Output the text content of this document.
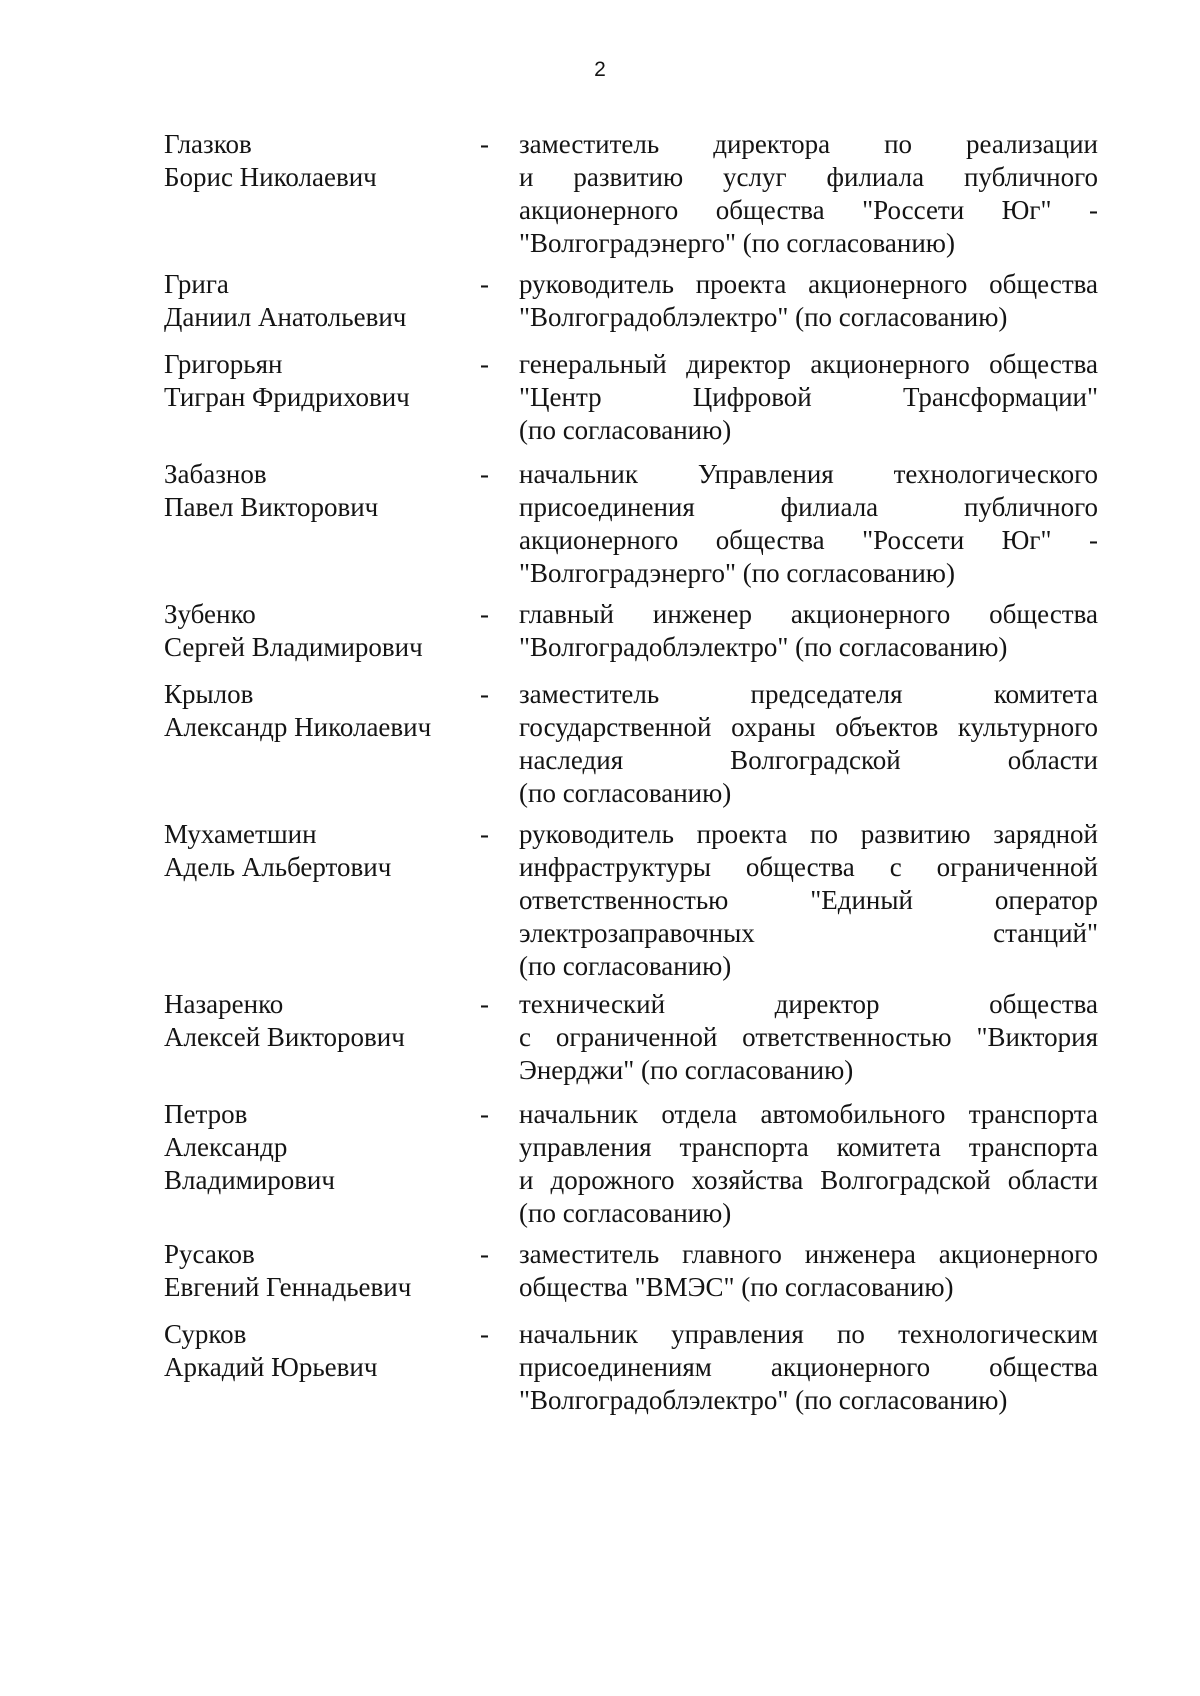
2
Глазков
Борис Николаевич
- заместитель директора по реализации
и развитию услуг филиала публичного
акционерного общества "Россети Юг" -
"Волгоградэнерго" (по согласованию)
Грига
Даниил Анатольевич
- руководитель проекта акционерного общества
"Волгоградоблэлектро" (по согласованию)
Григорьян
Тигран Фридрихович
- генеральный директор акционерного общества
"Центр Цифровой Трансформации"
(по согласованию)
Забазнов
Павел Викторович
- начальник Управления технологического
присоединения филиала публичного
акционерного общества "Россети Юг" -
"Волгоградэнерго" (по согласованию)
Зубенко
Сергей Владимирович
- главный инженер акционерного общества
"Волгоградоблэлектро" (по согласованию)
Крылов
Александр Николаевич
- заместитель председателя комитета
государственной охраны объектов культурного
наследия Волгоградской области
(по согласованию)
Мухаметшин
Адель Альбертович
- руководитель проекта по развитию зарядной
инфраструктуры общества с ограниченной
ответственностью "Единый оператор
электрозаправочных станций"
(по согласованию)
Назаренко
Алексей Викторович
- технический директор общества
с ограниченной ответственностью "Виктория
Энерджи" (по согласованию)
Петров
Александр
Владимирович
- начальник отдела автомобильного транспорта
управления транспорта комитета транспорта
и дорожного хозяйства Волгоградской области
(по согласованию)
Русаков
Евгений Геннадьевич
- заместитель главного инженера акционерного
общества "ВМЭС" (по согласованию)
Сурков
Аркадий Юрьевич
- начальник управления по технологическим
присоединениям акционерного общества
"Волгоградоблэлектро" (по согласованию)
